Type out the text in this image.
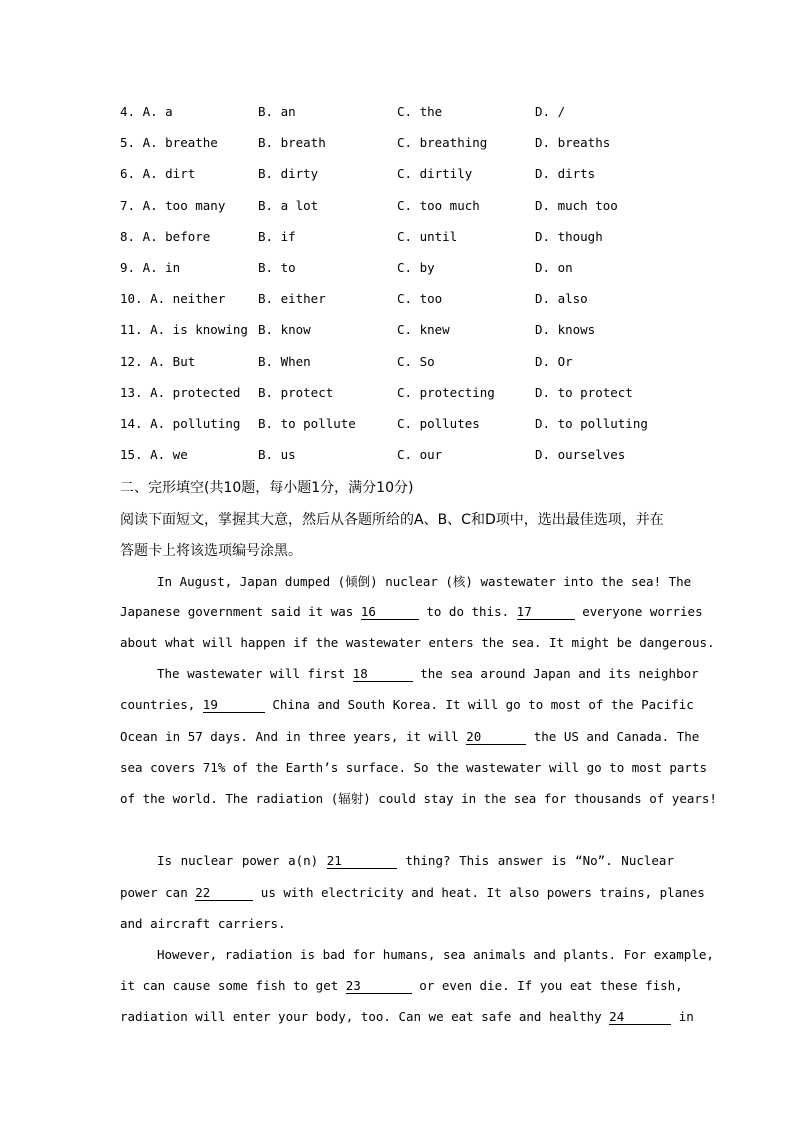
4. A. a	B. an	C. the	D. /
5. A. breathe	B. breath	C. breathing	D. breaths
6. A. dirt	B. dirty	C. dirtily	D. dirts
7. A. too many	B. a lot	C. too much	D. much too
8. A. before	B. if	C. until	D. though
9. A. in	B. to	C. by	D. on
10. A. neither	B. either	C. too	D. also
11. A. is knowing B. know	C. knew	D. knows
12. A. But	B. When	C. So	D. Or
13. A. protected B. protect	C. protecting	D. to protect
14. A. polluting B. to pollute	C. pollutes	D. to polluting
15. A. we	B. us	C. our	D. ourselves
二、完形填空(共10题，每小题1分，满分10分)
阅读下面短文，掌握其大意，然后从各题所给的A、B、C和D项中，选出最佳选项，并在
答题卡上将该选项编号涂黑。
In August, Japan dumped (倾倒) nuclear (核) wastewater into the sea! The
Japanese government said it was 16	to do this. 17	everyone worries
about what will happen if the wastewater enters the sea. It might be dangerous.
The wastewater will first 18	the sea around Japan and its neighbor
countries, 19	China and South Korea. It will go to most of the Pacific
Ocean in 57 days. And in three years, it will 20	the US and Canada. The
sea covers 71% of the Earth’s surface. So the wastewater will go to most parts
of the world. The radiation (辐射) could stay in the sea for thousands of years!
Is nuclear power a(n) 21	thing? This answer is “No”. Nuclear
power can 22	us with electricity and heat. It also powers trains, planes
and aircraft carriers.
However, radiation is bad for humans, sea animals and plants. For example,
it can cause some fish to get 23	or even die. If you eat these fish,
radiation will enter your body, too. Can we eat safe and healthy 24	in
